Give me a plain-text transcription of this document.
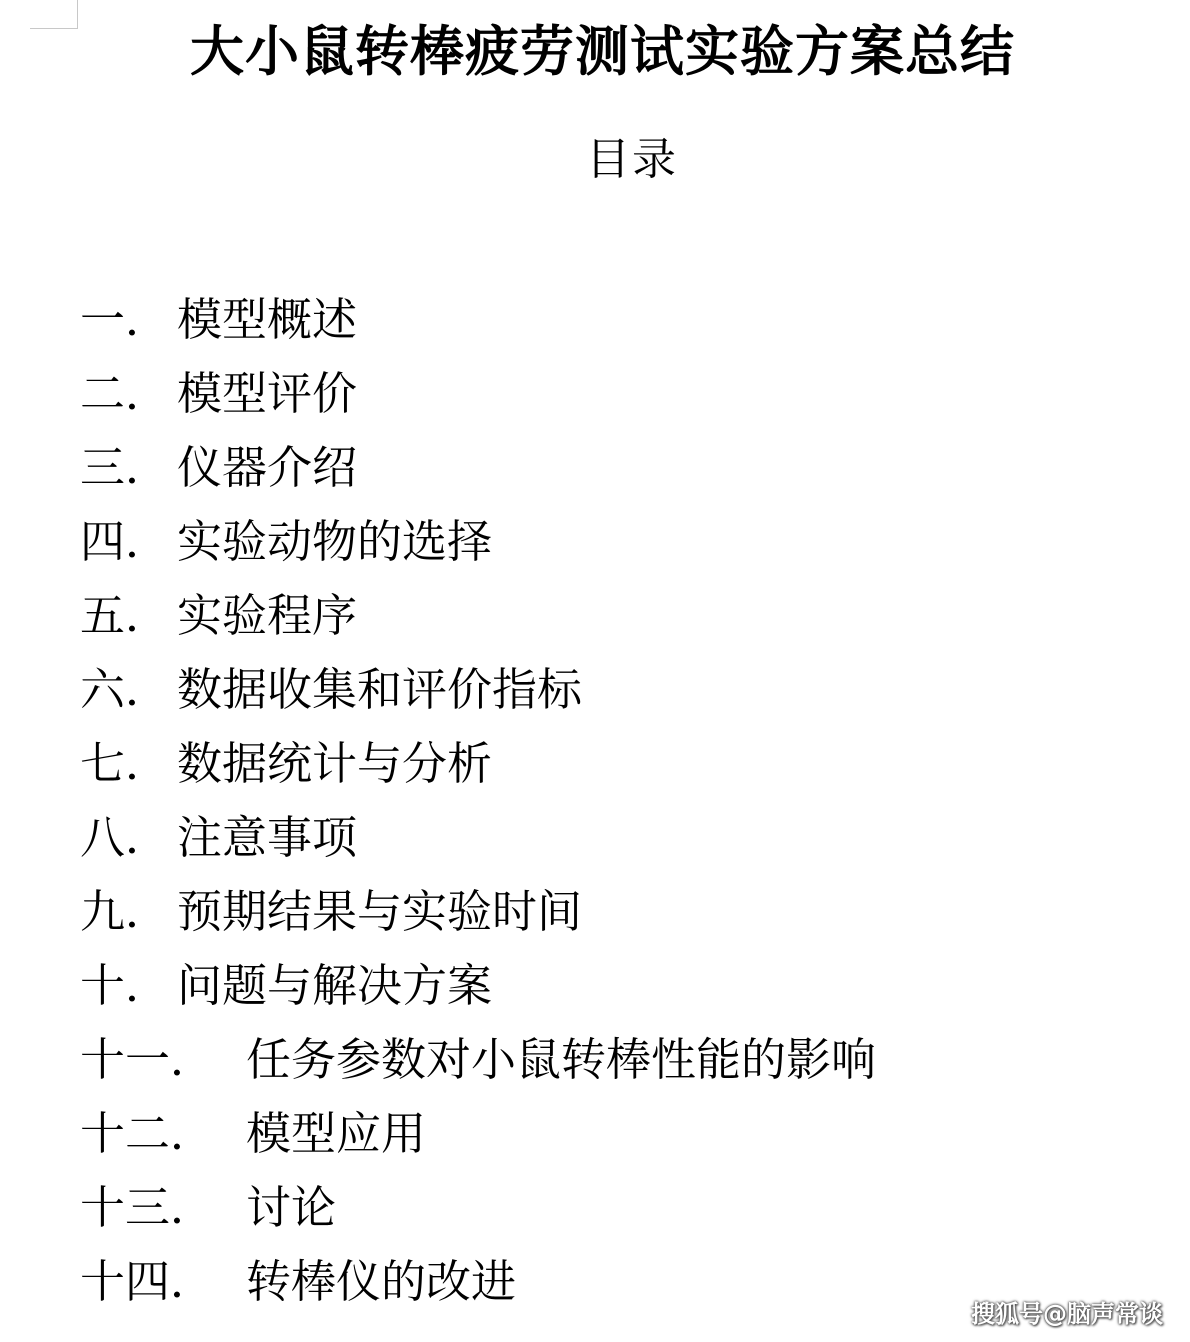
大小鼠转棒疲劳测试实验方案总结
目录
一． 模型概述
二． 模型评价
三． 仪器介绍
四． 实验动物的选择
五． 实验程序
六． 数据收集和评价指标
七． 数据统计与分析
八． 注意事项
九． 预期结果与实验时间
十． 问题与解决方案
十一． 任务参数对小鼠转棒性能的影响
十二． 模型应用
十三． 讨论
十四． 转棒仪的改进
搜狐号@脑声常谈
